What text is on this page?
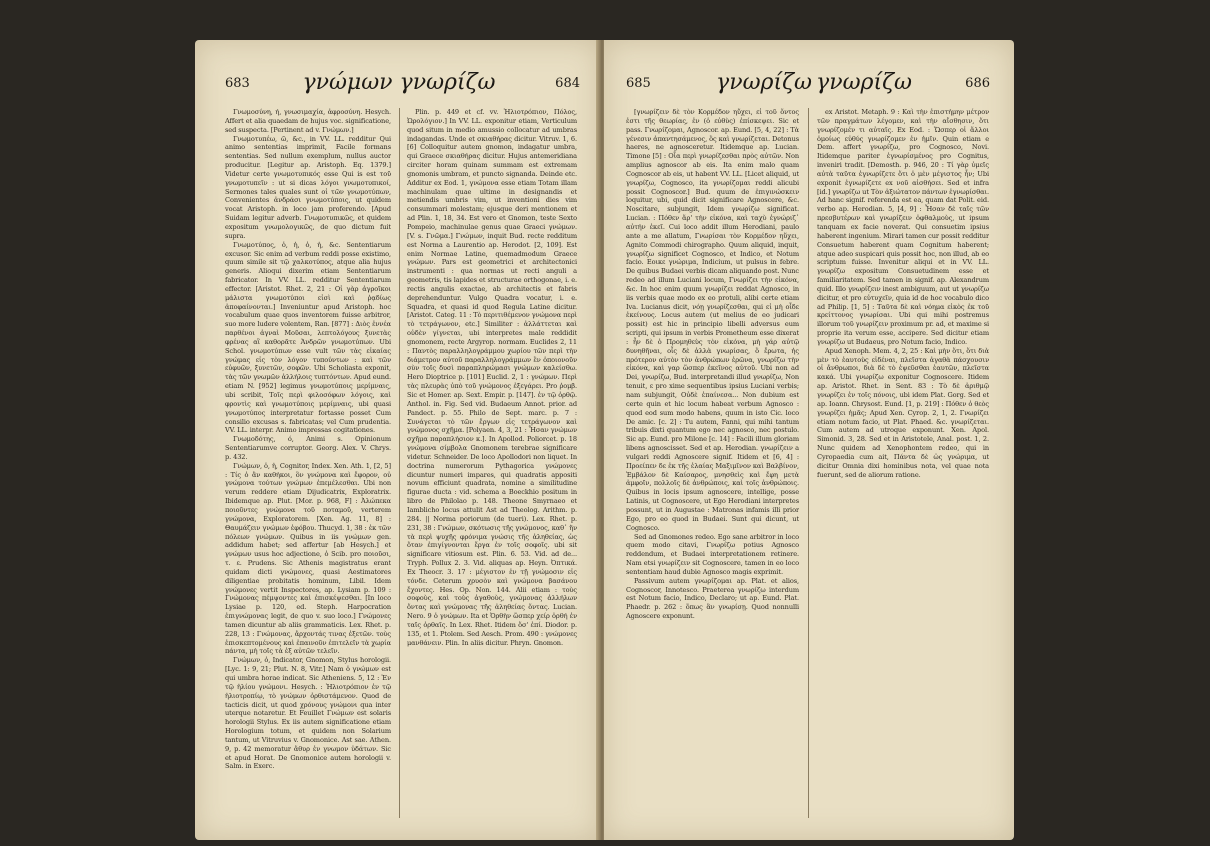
683	γνώμων γνωρίζω	684

Γνωμοσύνη, ή, γνωσιμαχία, ἀφροσύνη. Hesych. Affert et alia quaedam de hujus voc. significatione, sed suspecta. [Pertinent ad v. Γνώμων.]

Γνωμοτυπέω, ῶ, &c., in VV. LL. redditur Qui animo sententias imprimit, Facile formans sententias. Sed nullum exemplum, nullus auctor producitur. [Legitur ap. Aristoph. Eq. 1379.] Videtur certe γνωμοτυπικός esse Qui is est τοῦ γνωμοτυπεῖν : ut si dicas λόγοι γνωμοτυπικοί, Sermones tales quales sunt οἱ τῶν γνωμοτύπων, Convenientes ἀνδράσι γνωμοτύποις, ut quidem vocat Aristoph. in loco jam proferendo. [Apud Suidam legitur adverb. Γνωμοτυπικῶς, et quidem expositum γνωμολογικῶς, de quo dictum fuit supra.

Γνωμοτύπος, ὁ, ἡ, ὁ, ἡ, &c. Sententiarum excusor. Sic enim ad verbum reddi posse existimo, quum simile sit τῷ χαλκοτύπος, atque alia hujus generis. Alioqui dixerim etiam Sententiarum fabricator. In VV. LL. redditur Sententiarum effector. [Aristot. Rhet. 2, 21 : Οἱ γὰρ ἀγροῖκοι μάλιστα γνωμοτύποι εἰσὶ καὶ ῥᾳδίως ἀποφαίνονται.] Inveniuntur apud Aristoph. hoc vocabulum quae quos inventorem fuisse arbitror, suo more ludere volentem, Ran. [877] : Διὸς ἐννέα παρθένοι ἁγναὶ Μοῦσαι, λεπτολόγους ξυνετὰς φρένας αἳ καθορᾶτε Ἀνδρῶν γνωμοτύπων. Ubi Schol. γνωμοτύπων esse vult τῶν τὰς εἰκαίας γνώμας εἰς τὸν λόγον τυπούντων : καὶ τῶν εὐφυῶν, ξυνετῶν, σοφῶν. Ubi Scholiasta exponit, τὰς τῶν γνωμῶν ἀλλήλοις τυπτόντων. Apud eund. etiam N. [952] legimus γνωμοτύποις μερίμναις, ubi scribit, Τοῖς περὶ φιλοσόφων λόγοις, καὶ φροντὶς καὶ γνωμοτύποις μερίμναις, ubi quasi γνωμοτύπος interpretatur fortasse posset Cum consilio excusas s. fabricatas; vel Cum prudentia. VV. LL. interpr. Animo impressas cogitationes.

Γνωμοδότης, ό, Animi s. Opinionum Sententiarumve corruptor. Georg. Alex. V. Chrys. p. 432.

Γνώμων, ὁ, ἡ, Cognitor, Index. Xen. Ath. 1, [2, 5] : Τίς ὁ ἂν καθήκοι, ὃν γνώμονα καὶ ἔφορον, οὐ γνώμονα τούτων γνώμων ἐπεμέλεσθαι. Ubi non verum reddere etiam Dijudicatrix, Exploratrix. Ibidemque ap. Plut. [Mor. p. 968, F] : Ἀλώπεκα ποιοῦντες γνώμονα τοῦ ποταμοῦ, verterem γνώμονα, Exploratorem. [Xen. Ag. 11, 8] : Θαυμάζειν γνώμων ἐφόβου. Thucyd. 1, 38 : ἐκ τῶν πόλεων γνώμων. Quibus in iis γνώμων gen. addidum habet; sed affertur [ab Hesych.] et γνώμων usus hoc adjectione, ὁ Scib. pro ποιοῦσι, τ. ε. Prudens. Sic Athenis magistratus erant quidam dicti γνώμονες, quasi Aestimatores diligentiae probitatis hominum, Libil. Idem γνώμονες vertit Inspectores, ap. Lysiam p. 109 : Γνώμονας πέμψοντες καὶ ἐπισκέψεσθαι. [In loco Lysiae p. 120, ed. Steph. Harpocration ἐπιγνώμονας legit, de quo v. suo loco.] Γνώμονες tamen dicuntur ab aliis grammaticis. Lex. Rhet. p. 228, 13 : Γνώμονας, ἄρχοντάς τινας ἐξετῶν. τοὺς ἐπισκεπτομένους καὶ ἐπαινοῦν ἐπιτελεῖν τὰ χωρία πάντα, μὴ τοῖς τὰ ἐξ αὐτῶν τελεῖν.

Γνώμων, ὁ, Indicator, Gnomon, Stylus horologii. [Lyc. 1: 9, 21; Plut. N. 8, Vitr.] Nam ὁ γνώμων est qui umbra horae indicat. Sic Atheniens. 5, 12 : Ἐν τῷ ἡλίου γνώμονι. Hesych. : Ἡλιοτρόπιον ἐν τῷ ἡλιοτροπίῳ, τὸ γνώμων ὀρθιστάμενον. Quod de tacticis dicit, ut quod χρόνους γνώμονι qua inter uterque notaretur. Et Feuillet Γνώμων est solaris horologii Stylus. Ex iis autem significatione etiam Horologium totum, et quidem non Solarium tantum, ut Vitruvius v. Gnomonice. Ast sae. Athen. 9, p. 42 memoratur ἄθυρ ἐν γνωμον ὑδάτων. Sic et apud Horat. De Gnomonice autem horologii v. Salm. in Exerc.

Plin. p. 449 et cf. vv. Ἡλιοτρόπιον, Πόλος, Ὡρολόγιον.] In VV. LL. exponitur etiam, Verticulum quod situm in medio amussio collocatur ad umbras indagandas. Unde et σκιαθήρας dicitur. Vitruv. 1, 6. [6] Colloquitur autem gnomon, indagatur umbra, qui Graece σκιαθήρας dicitur. Hujus antemeridiana circiter horam quinam summam est extremam gnomonis umbram, et puncto signanda. Deinde etc. Additur ex Eod. 1, γνώμονα esse etiam Totam illam machinulam quae ultime in designandis et metiendis umbris vim, ut inventioni dies vim consummari molestam; ejusque deri mentionem et ad Plin. 1, 18, 34. Est vero et Gnomon, teste Sexto Pompeio, machinulae genus quae Graeci γνώμων. [V. s. Γνῶμα.] Γνώμων, inquit Bud. recte redditum est Norma a Laurentio ap. Herodot. [2, 109]. Est enim Normae Latine, quemadmodum Graece γνώμων. Pars est geometrici et architectonici instrumenti : qua normas ut recti anguli a geometris, tis lapides et structurae orthogonae, i. e. rectis angulis exactae, ab architectis et fabris deprehenduntur. Vulgo Quadra vocatur, i. e. Squadra, et quasi id quod Regula Latine dicitur. [Aristot. Categ. 11 : Τὸ περιτιθέμενον γνώμονα περὶ τὸ τετράγωνον, etc.] Similiter : ἀλλάττεται καὶ οὐδὲν γίγνεται, ubi interpretes male reddidit gnomonem, recte Argyrop. normam. Euclides 2, 11 : Παντὸς παραλληλογράμμου χωρίου τῶν περὶ τὴν διάμετρον αὐτοῦ παραλληλογράμμων ἓν ὁποιονοῦν σὺν τοῖς δυσὶ παραπληρώμασι γνώμων καλείσθω. Hero Dioptrice p. [101] Euclid. 2, 1 : γνώμων. Περὶ τὰς πλευρὰς ὑπὸ τοῦ γνώμονος ἐξεγάρει. Pro ῥομβ. Sic et Homer. ap. Sext. Empir. p. [147]. ἐν τῷ ὀρθῷ. Anthol. in. Fig. Sed vid. Budaeum Annot. prior. ad Pandect. p. 55. Philo de Sept. marc. p. 7 : Συνάγεται τὸ τῶν ἔργων εἰς τετράγωνον καὶ γνώμονος σχῆμα. [Polyaen. 4, 3, 21 : Ἦσαν γνώμων σχῆμα παραπλήσιον κ.]. In Apollod. Poliorcet. p. 18 γνώμονα σίμβολα Gnomonem terebrae significare videtur. Schneider. De loco Apollodori non liquet. In doctrina numerorum Pythagorica γνώμονες dicuntur numeri impares, qui quadratis appositi novum efficiunt quadrata, nomine a similitudine figurae ducta : vid. schema a Boeckhio positum in libro de Philolao p. 148. Theone Smyrnaeo et Iamblicho locus attulit Ast ad Theolog. Arithm. p. 284. || Norma poriorum (de tueri). Lex. Rhet. p. 231, 38 : Γνώμων, σκότωσις τῆς γνώμονος, καθ᾽ ἣν τὰ περὶ ψυχῆς φρόνιμα γνώσις τῆς ἀληθείας, ὡς ὅταν ἐπιγίγνονται ἔργα ἐν τοῖς σοφοῖς. ubi sit significare vitiosum est. Plin. 6. 53. Vid. ad de... Tryph. Pollux 2. 3. Vid. aliquas ap. Heyn. Ὀπτικά. Ex Theocr. 3. 17 : μέγιστον ἐν τῇ γνώμοσιν εἰς τόνδε. Ceterum χρυσὸν καὶ γνώμονα βασάνου ἔχοντες. Hes. Op. Non. 144. Alii etiam : τοὺς σοφοὺς, καὶ τοὺς ἀγαθοὺς, γνώμονας ἀλλήλων ὄντας καὶ γνώμονας τῆς ἀληθείας ὄντας. Lucian. Nero. 9 ὁ γνώμων. Ita et Ὀρθὴν ὥσπερ χείρ ὀρθή ἐν ταῖς ὀρθαῖς. In Lex. Rhet. Itidem ὅσ' ἐπί. Diodor. p. 135, et 1. Ptolem. Sed Aesch. Prom. 490 : γνώμονες μανθάνειν. Plin. In aliis dicitur. Phryn. Gnomon.

685	γνωρίζω γνωρίζω	686

[γνωρίζειν δὲ τὸν Κορμέδον ηὕχει, εἰ τοῦ ὄντος ἐστι τῆς θεωρίας, ἐν (ὁ εὐθὺς) ἐπίσκεψει. Sic et pass. Γνωρίζομαι, Agnoscor. ap. Eund. [5, 4, 22] : Τὰ γένεσιν ἀπαντησάμενος, ὃς καὶ γνωρίζεται. Detonus haeres, ne agnosceretur. Itidemque ap. Lucian. Timone [5] : Οἷα περὶ γνωρίζεσθαι πρὸς αὐτῶν. Non amplius agnoscor ab eis. Ita enim malo quam Cognoscor ab eis, ut habent VV. LL. [Licet aliquid, ut γνωρίζω, Cognosco, ita γνωρίζομαι reddi alicubi possit Cognoscor.] Bud. quum de ἐπιγινώσκειν loquitur, ubi, quid dicit significare Agnoscere, &c. Noscitare, subjungit, Idem γνωρίζω significat. Lucian. : Πόθεν ἄρ' τὴν εἰκόνα, καὶ ταχὺ ἐγνώριζ᾽ αὐτήν ἐκεῖ. Cui loco addit illum Herodiani, paulo ante a me allatum, Γνωρίσαι τὸν Κορμέδον ηὕχει, Agnito Commodi chirographo. Quum aliquid, inquit, γνωρίζω significet Cognosco, et Indico, et Notum facio. Εοικε γνώριμα, Indicium, ut pulsus in febre. De quibus Budaei verbis dicam aliquando post. Nunc redeo ad illum Luciani locum, Γνωρίζει τὴν εἰκόνα, &c. In hoc enim quum γνωρίζει reddat Agnosco, in iis verbis quae modo ex eo protuli, alibi certe etiam Iva. Lucianus dicit, νόῃ γνωρίζεσθαι, qui εἰ μὴ οἶδε ἐκείνους. Locus autem (ut melius de eo judicari possit) est hic in principio libelli adversus eum scripti, qui ipsum in verbis Prometheum esse dixerat : ἦν δὲ ὁ Προμηθεὺς τὸν εἰκόνα, μὴ γάρ αὐτῷ δυνηθῆναι, οἷς δὲ ἀλλὰ γνωρίσας, ὃ ἔρωτα, ἡς πρότερον αὐτὸν τὸν ἀνθρώπων ἐρῶνα, γνωρίζω τὴν εἰκόνα, καὶ γαρ ὥσπερ ἐκεῖνος αὐτοῦ. Ubi non ad Dei, γνωρίζω, Bud. interpretandi illud γνωρίζω, Non tenuit, ε pro xime sequentibus ipsius Luciani verbis; nam subjungit, Οὐδὲ ἐπαίνεσα... Non dubium est certe quin et hic locum habeat verbum Agnosco : quod eod sum modo habens, quum in isto Cic. loco De amic. [c. 2] : Tu autem, Fanni, qui mihi tantum tribuis dixti quantum ego nec agnosco, nec postulo. Sic ap. Eund. pro Milone [c. 14] : Facili illum gloriam libens agnoscisset. Sed et ap. Herodian. γνωρίζειν a vulgari reddi Agnoscere signif. Itidem et [6, 4] : Προείπεν δε ἐκ τῆς ἐλαίας Μαξιμῖνον καὶ Βαλβίνον, Ἐμβάλον δὲ Καίσαρος, μνησθεὶς καὶ ἔφη μετὰ ἀμφοῖν, πολλοῖς δὲ ἀνθρώποις, καὶ τοῖς ἀνθρώποις. Quibus in locis ipsum agnoscere, intellige, posse Latinis, ut Cognoscere, ut Ego Herodiani interpretes possunt, ut in Augustae : Matronas infamis illi prior Ego, pro eo quod in Budaei. Sunt qui dicunt, ut Cognosco.

Sed ad Gnomones redeo. Ego sane arbitror in loco quem modo citavi, Γνωρίζω potius Agnosco reddendum, et Budaei interpretationem retinere. Nam etsi γνωρίζειν sit Cognoscere, tamen in eo loco sententiam haud dubie Agnosco magis exprimit.

Passivum autem γνωρίζομαι ap. Plat. et alios, Cognoscor, Innotesco. Praeterea γνωρίζω interdum est Notum facio, Indico, Declaro; ut ap. Eund. Plat. Phaedr. p. 262 : ὅπως ἂν γνωρίσῃ. Quod nonnulli Agnoscere exponunt.

ex Aristot. Metaph. 9 : Καὶ τὴν ἐπιστήμην μέτρον τῶν πραγμάτων λέγομεν, καὶ τὴν αἴσθησιν, ὅτι γνωρίζομέν τι αὐταῖς. Ex Eod. : Ὥσπερ οἱ ἄλλοι ὁμοίως εὐθύς γνωρίζομεν ἐν ἡμῖν. Quin etiam e Dem. affert γνωρίζω, pro Cognosco, Novi. Itidemque pariter ἐγνωρίσμένος pro Cognitus, inveniri tradit. [Demosth. p. 946, 20 : Τί γὰρ ὑμεῖς αὐτὰ ταῦτα ἐγνωρίζετε ὅτι ὁ μὲν μέγιστος ἦν; Ubi exponit ἐγνωρίζετε ex νοῦ αἰσθήσει. Sed et infra [id.] γνωρίζω ut Τὸν ἀξιώτατον πάντων ἐγνωρίσθαι. Ad hanc signif. referenda est ea, quam dat Polit. eid. verbo ap. Herodian. 5, [4, 9] : Ἦσαν δὲ ταῖς τῶν πρεσβυτέρων καὶ γνωρίζειν ὀφθαλμοὺς, ut ipsum tanquam ex facie noverat. Qui consuetim ipsius haberent ingenium. Mirari tamen cur possit redditur Consuetum haberent quam Cognitum haberent; atque adeo suspicari quis possit hoc, non illud, ab eo scriptum fuisse. Invenitur aliqui et in VV. LL. γνωρίζω expositum Consuetudinem esse et familiaritatem. Sed tamen in signif. ap. Alexandrum quid. Illo γνωρίζειν inest ambiguum, aut ut γνωρίζω dicitur, et pro εὐτυχεῖν, quia id de hoc vocabulo dico ad Philip. [1, 5] : Ταῦτα δὲ καὶ νόημα εἰκὸς ἐκ τοῦ κρείττονος γνωρίσαι. Ubi qui mihi postremus illorum τοῦ γνωρίζειν proximum pr. ad, et maxime si proprie ita verum esse, accipere. Sed dicitur etiam γνωρίζω ut Budaeus, pro Notum facio, Indico.

Apud Xenoph. Mem. 4, 2, 25 : Καὶ μὴν ὅτι, ὅτι διὰ μὲν τὸ ἑαυτοὺς εἰδέναι, πλεῖστα ἀγαθὰ πάσχουσιν οἱ ἄνθρωποι, διὰ δὲ τὸ ἐψεῦσθαι ἑαυτῶν, πλεῖστα κακά. Ubi γνωρίζω exponitur Cognoscere. Itidem ap. Aristot. Rhet. in Sent. 83 : Τὸ δὲ ἀριθμῷ γνωρίζει ἐν τοῖς πόνοις, ubi idem Plat. Gorg. Sed et ap. Ioann. Chrysost. Eund. [1, p. 219] : Πόθεν ὁ θεὸς γνωρίζει ἡμᾶς; Apud Xen. Cyrop. 2, 1, 2. Γνωρίζει etiam notum facio, ut Plat. Phaed. &c. γνωρίζεται. Cum autem ad utroque exponunt. Xen. Apol. Simonid. 3, 28. Sed et in Aristotele, Anal. post. 1, 2. Nunc quidem ad Xenophontem redeo, qui in Cyropaedia cum ait, Πάντα δὲ ὡς γνώριμα, ut dicitur Omnia dixi hominibus nota, vel quae nota fuerunt, sed de aliorum ratione.
